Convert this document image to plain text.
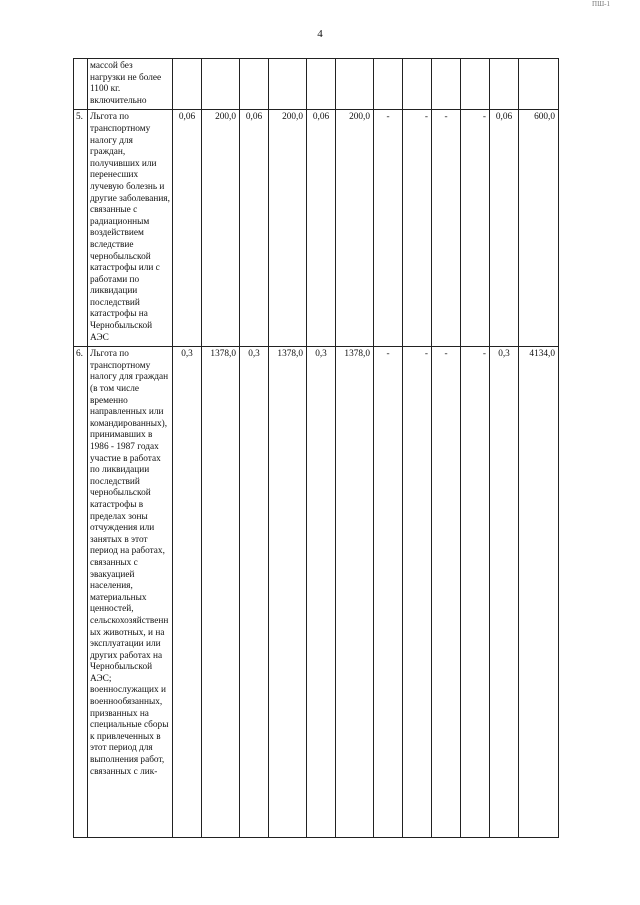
ПШ-1
4
	массой без нагрузки не более 1100 кг. включительно												
5.	Льгота по транспортному налогу для граждан, получивших или перенесших лучевую болезнь и другие заболевания, связанные с радиационным воздействием вследствие чернобыльской катастрофы или с работами по ликвидации последствий катастрофы на Чернобыльской АЭС	0,06	200,0	0,06	200,0	0,06	200,0	-	-	-	-	0,06	600,0
6.	Льгота по транспортному налогу для граждан (в том числе временно направленных или командированных), принимавших в 1986 - 1987 годах участие в работах по ликвидации последствий чернобыльской катастрофы в пределах зоны отчуждения или занятых в этот период на работах, связанных с эвакуацией населения, материальных ценностей, сельскохозяйственных животных, и на эксплуатации или других работах на Чернобыльской АЭС; военнослужащих и военнообязанных, призванных на специальные сборы к привлеченных в этот период для выполнения работ, связанных с лик-	0,3	1378,0	0,3	1378,0	0,3	1378,0	-	-	-	-	0,3	4134,0
